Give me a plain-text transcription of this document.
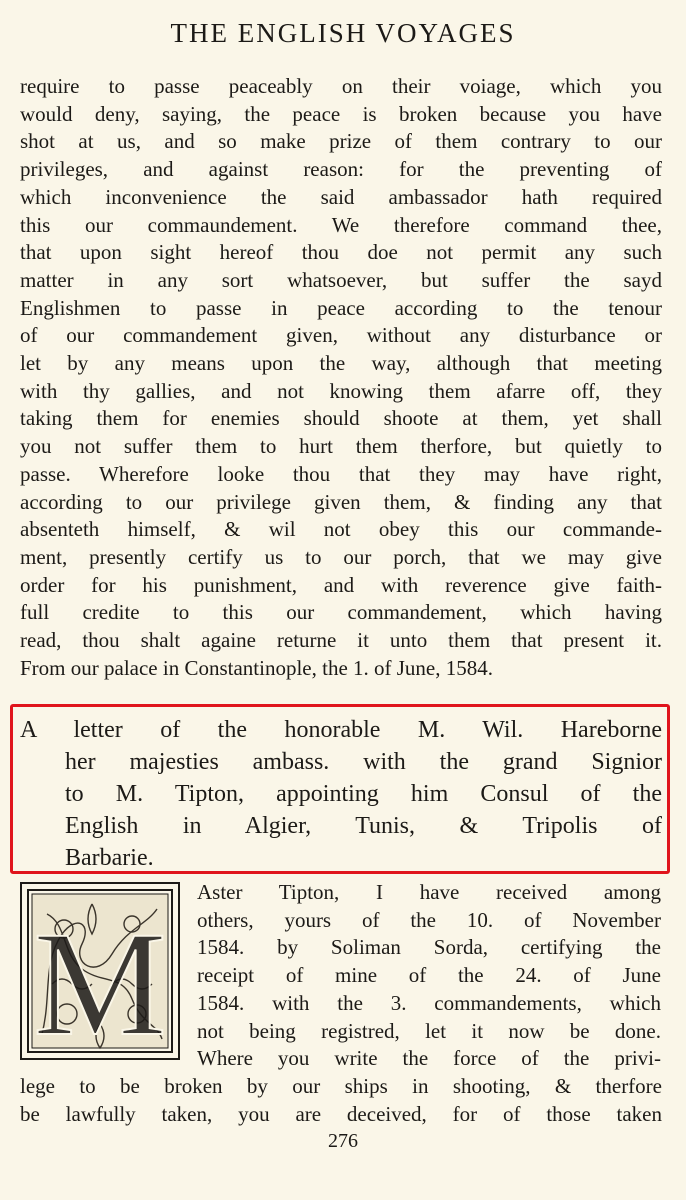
THE ENGLISH VOYAGES
require to passe peaceably on their voiage, which you
would deny, saying, the peace is broken because you have
shot at us, and so make prize of them contrary to our
privileges, and against reason: for the preventing of
which inconvenience the said ambassador hath required
this our commaundement. We therefore command thee,
that upon sight hereof thou doe not permit any such
matter in any sort whatsoever, but suffer the sayd
Englishmen to passe in peace according to the tenour
of our commandement given, without any disturbance or
let by any means upon the way, although that meeting
with thy gallies, and not knowing them afarre off, they
taking them for enemies should shoote at them, yet shall
you not suffer them to hurt them therfore, but quietly to
passe. Wherefore looke thou that they may have right,
according to our privilege given them, & finding any that
absenteth himself, & wil not obey this our commande-
ment, presently certify us to our porch, that we may give
order for his punishment, and with reverence give faith-
full credite to this our commandement, which having
read, thou shalt againe returne it unto them that present it.
From our palace in Constantinople, the 1. of June, 1584.
A letter of the honorable M. Wil. Hareborne
her majesties ambass. with the grand Signior
to M. Tipton, appointing him Consul of the
English in Algier, Tunis, & Tripolis of
Barbarie.
M
Aster Tipton, I have received among
others, yours of the 10. of November
1584. by Soliman Sorda, certifying the
receipt of mine of the 24. of June
1584. with the 3. commandements, which
not being registred, let it now be done.
Where you write the force of the privi-
lege to be broken by our ships in shooting, & therfore
be lawfully taken, you are deceived, for of those taken
276
